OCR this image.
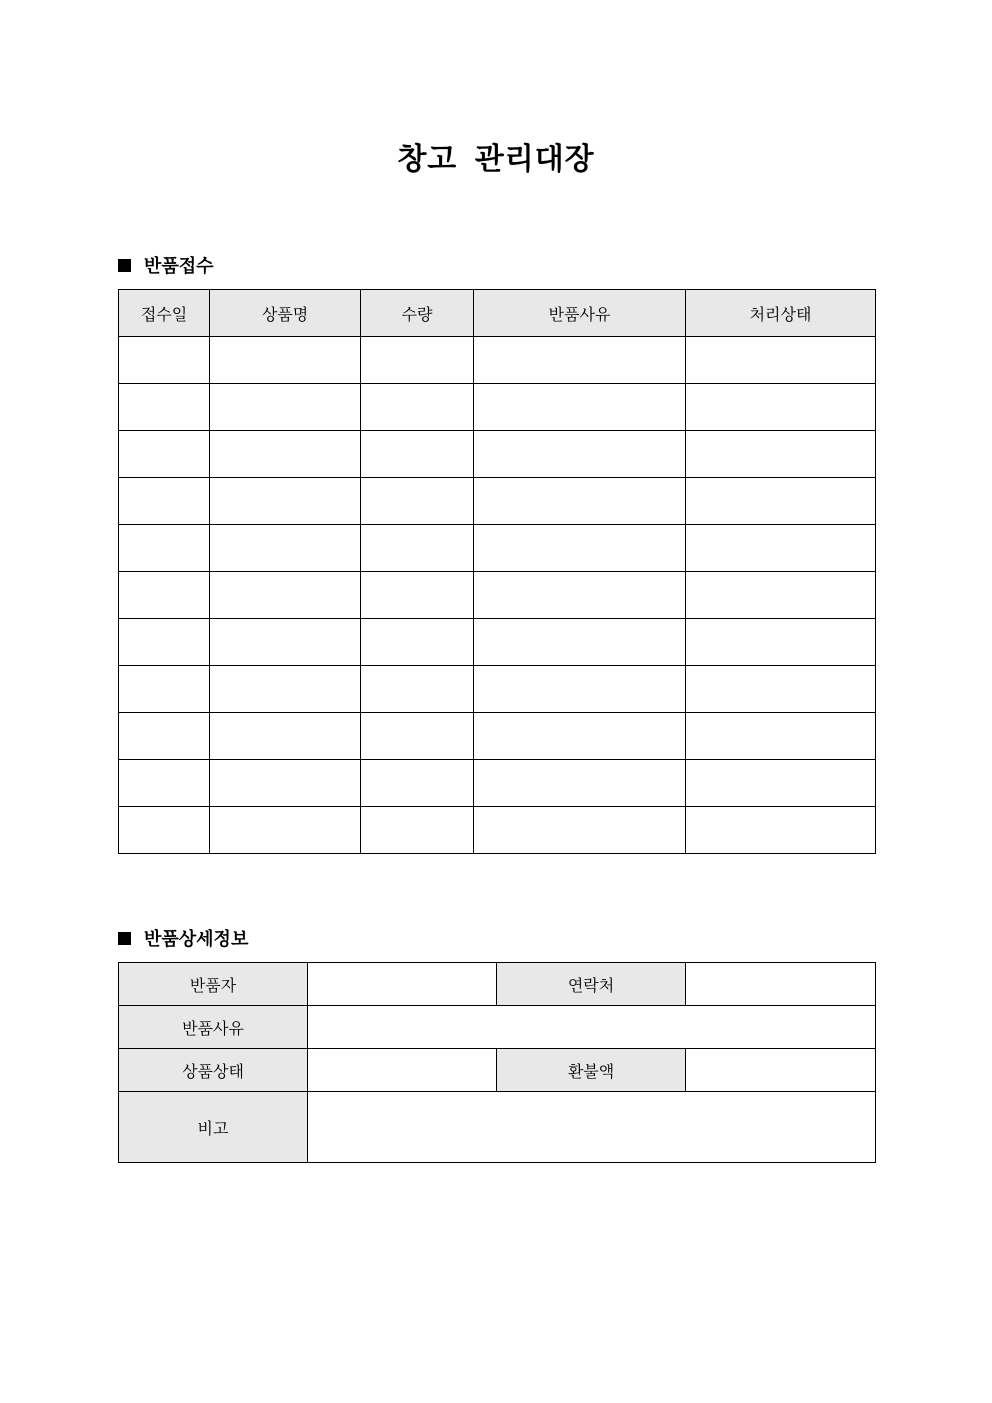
창고 관리대장
반품접수
접수일	상품명	수량	반품사유	처리상태

반품상세정보
반품자		연락처	
반품사유			
상품상태		환불액	
비고			
